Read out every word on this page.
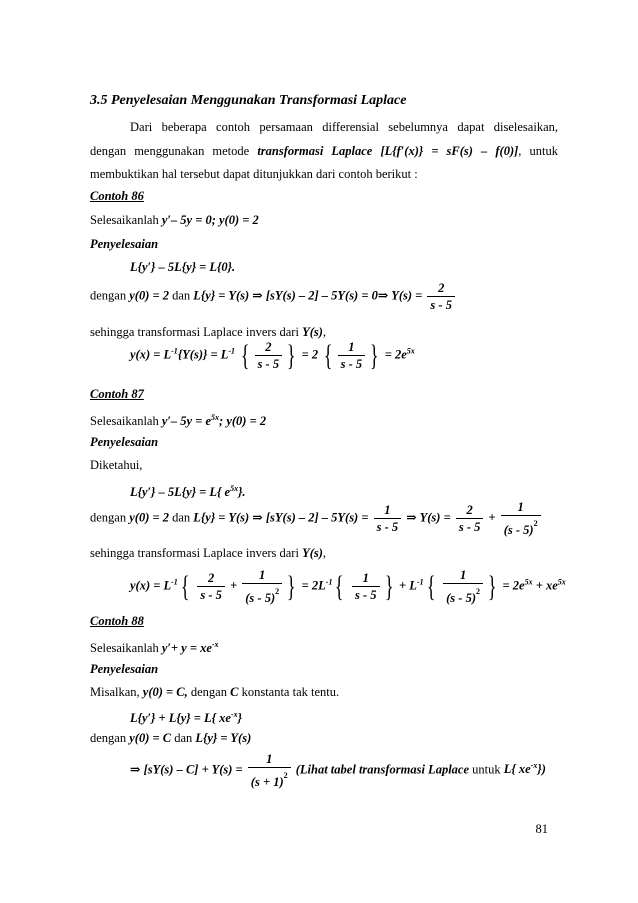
3.5 Penyelesaian Menggunakan Transformasi Laplace
Dari beberapa contoh persamaan differensial sebelumnya dapat diselesaikan,
dengan menggunakan metode transformasi Laplace [L{f′(x)} = sF(s) – f(0)], untuk
membuktikan hal tersebut dapat ditunjukkan dari contoh berikut :
Contoh 86
Selesaikanlah y′– 5y = 0; y(0) = 2
Penyelesaian
L{y′} – 5L{y} = L{0}.
dengan y(0) = 2 dan L{y} = Y(s) ⇒ [sY(s) – 2] – 5Y(s) = 0⇒ $Y(s) = \frac{2}{s - 5}$
sehingga transformasi Laplace invers dari Y(s),
$y(x) = L^{-1}\{Y(s)\} = L^{-1}$ { $\frac{2}{s - 5}$ } = 2 { $\frac{1}{s - 5}$ } = $2e^{5x}$
Contoh 87
Selesaikanlah y′– $5y = e^{5x}$; y(0) = 2
Penyelesaian
Diketahui,
L{y′} – 5L{y} = L{ $e^{5x}$}.
dengan y(0) = 2 dan L{y} = Y(s) ⇒ $[sY(s) - 2] - 5Y(s) = \frac{1}{s - 5}$ ⇒ $Y(s) = \frac{2}{s - 5} + \frac{1}{(s - 5)^2}$
sehingga transformasi Laplace invers dari Y(s),
$y(x) = L^{-1}\{ \frac{2}{s - 5} + \frac{1}{(s - 5)^2}$ } = $2L^{-1}\{ \frac{1}{s - 5}$ } + $L^{-1}\{ \frac{1}{(s - 5)^2}$ } = $2e^{5x} + xe^{5x}$
Contoh 88
Selesaikanlah $y'+ y = xe^{-x}$
Penyelesaian
Misalkan, y(0) = C, dengan C konstanta tak tentu.
L{y′} + L{y} = L{ $xe^{-x}$}
dengan y(0) = C dan L{y} = Y(s)
⇒ $[sY(s) - C] + Y(s) = \frac{1}{(s + 1)^2}$ (Lihat tabel transformasi Laplace untuk L{ $xe^{-x}$})
81
